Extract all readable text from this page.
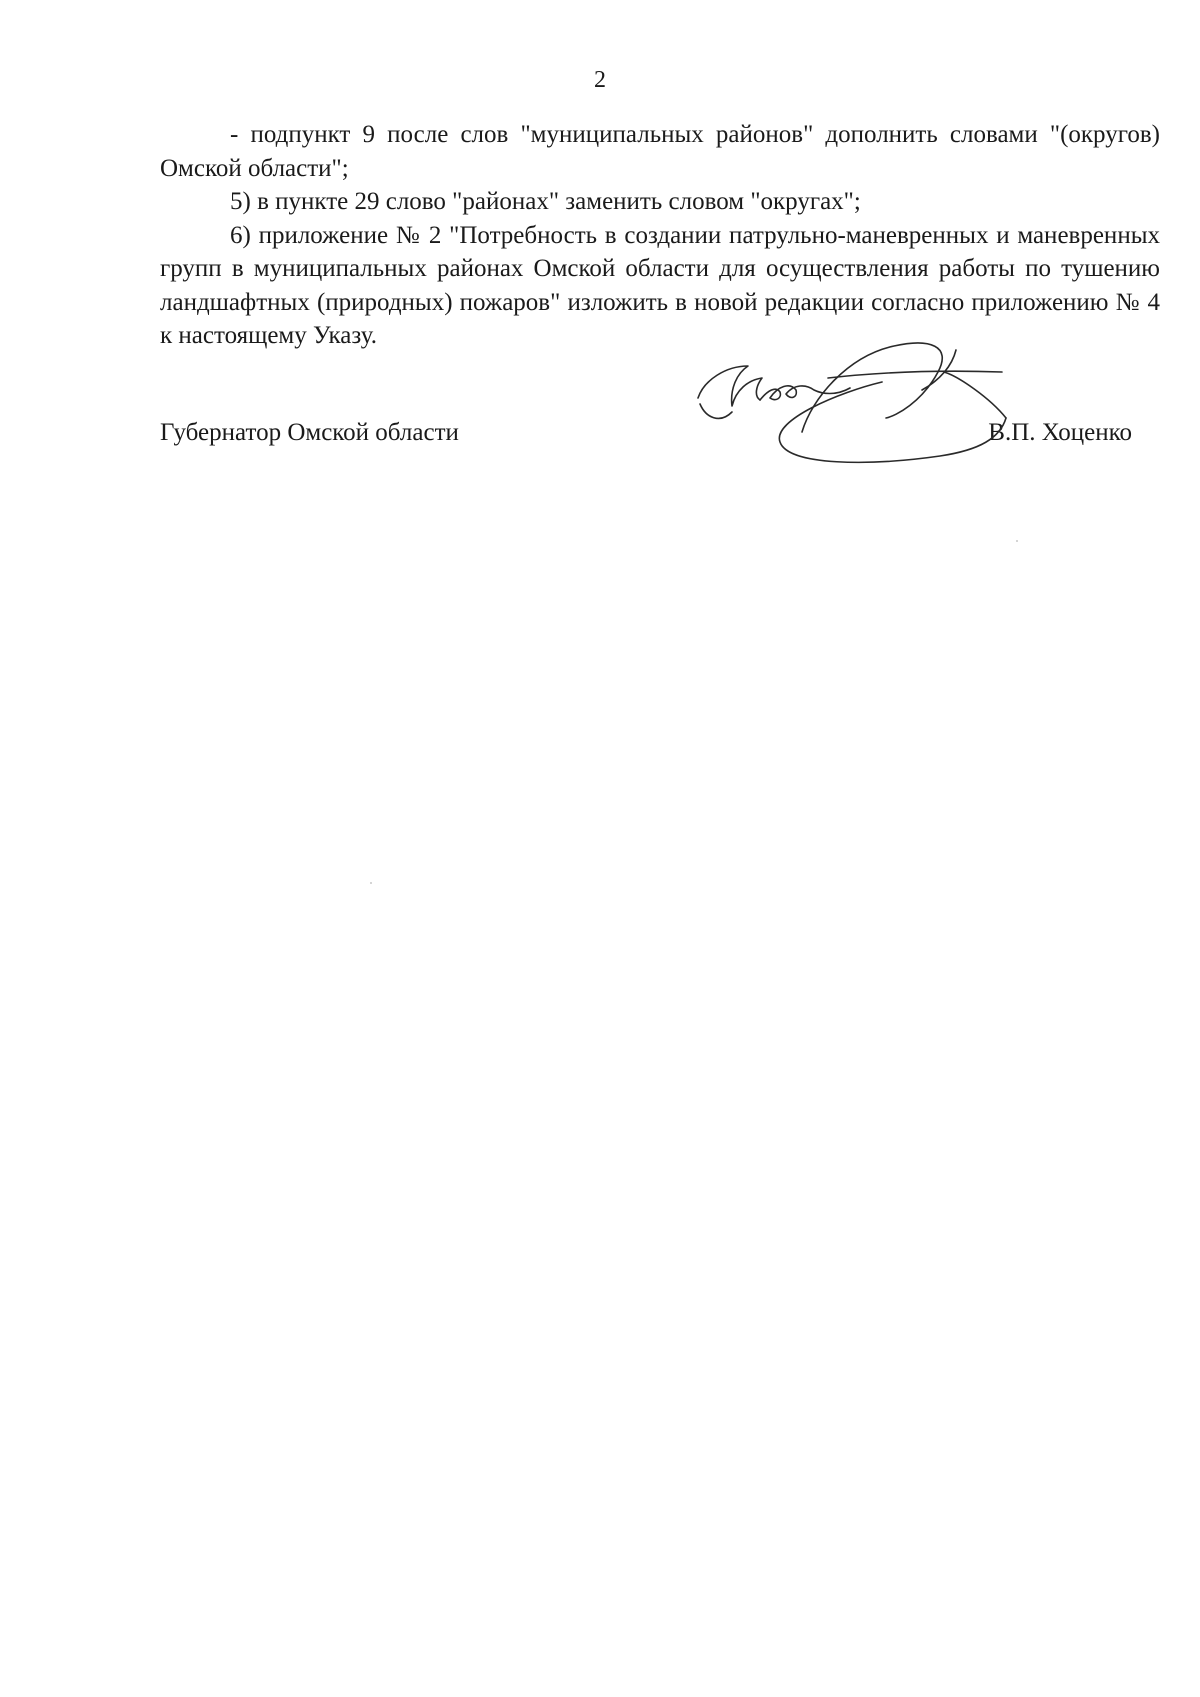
2

- подпункт 9 после слов "муниципальных районов" дополнить словами "(округов) Омской области";

5) в пункте 29 слово "районах" заменить словом "округах";

6) приложение № 2 "Потребность в создании патрульно-маневренных и маневренных групп в муниципальных районах Омской области для осуществления работы по тушению ландшафтных (природных) пожаров" изложить в новой редакции согласно приложению № 4 к настоящему Указу.

Губернатор Омской области	В.П. Хоценко
